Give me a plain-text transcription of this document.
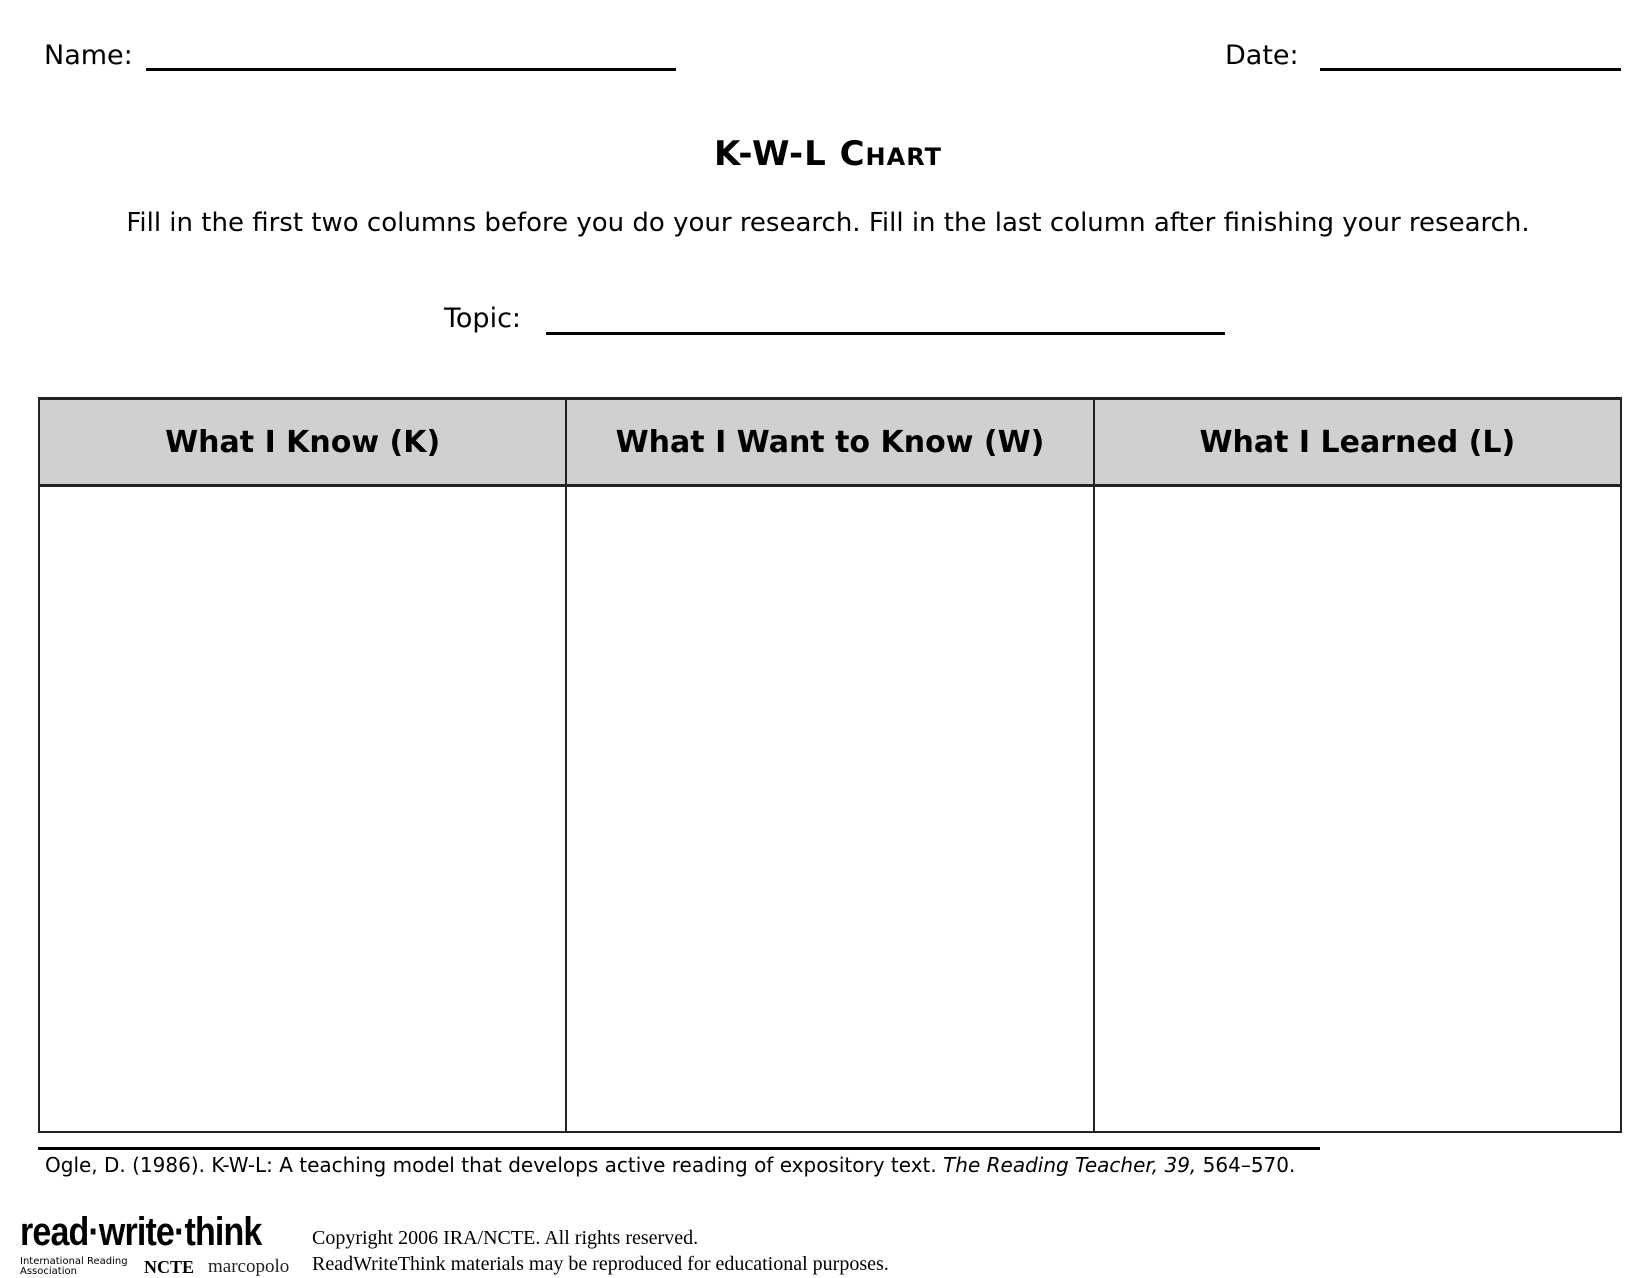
Name:	Date:
K-W-L Chart
Fill in the first two columns before you do your research. Fill in the last column after finishing your research.
Topic:
What I Know (K)	What I Want to Know (W)	What I Learned (L)

Ogle, D. (1986). K-W-L: A teaching model that develops active reading of expository text. The Reading Teacher, 39, 564–570.
read·write·think
International Reading Association	NCTE marcopolo
Copyright 2006 IRA/NCTE. All rights reserved.
ReadWriteThink materials may be reproduced for educational purposes.
